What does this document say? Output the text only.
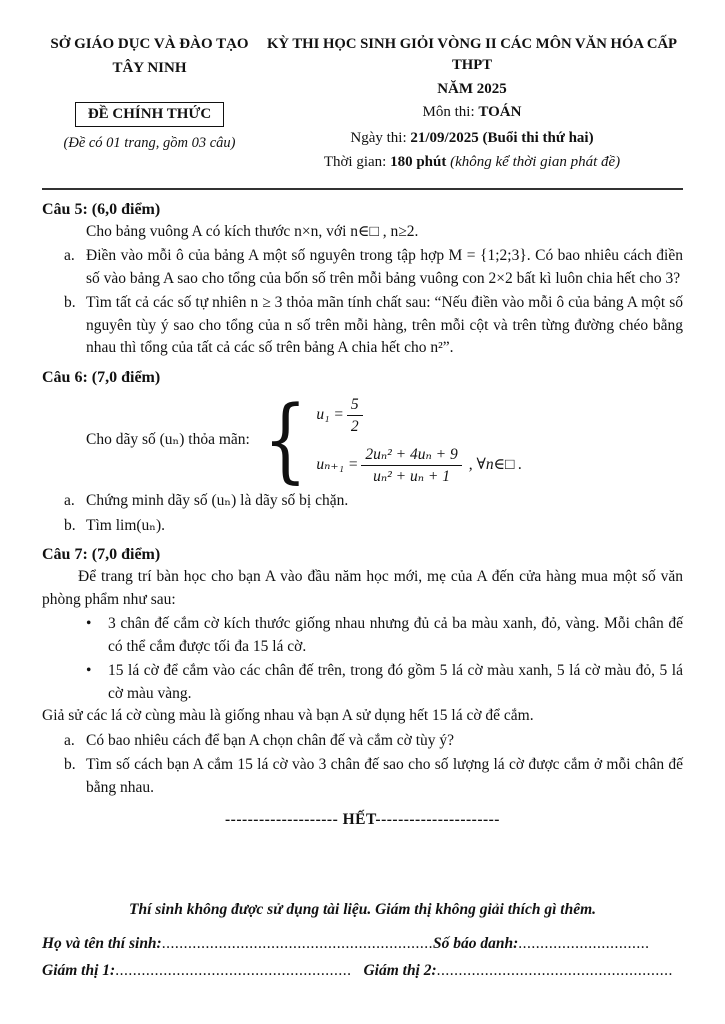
SỞ GIÁO DỤC VÀ ĐÀO TẠO
TÂY NINH
ĐỀ CHÍNH THỨC
(Đề có 01 trang, gồm 03 câu)
KỲ THI HỌC SINH GIỎI VÒNG II CÁC MÔN VĂN HÓA CẤP THPT
NĂM 2025
Môn thi: TOÁN
Ngày thi: 21/09/2025 (Buổi thi thứ hai)
Thời gian: 180 phút (không kể thời gian phát đề)
Câu 5: (6,0 điểm)
Cho bảng vuông A có kích thước n×n, với n∈□ , n≥2.
a. Điền vào mỗi ô của bảng A một số nguyên trong tập hợp M = {1;2;3}. Có bao nhiêu cách điền số vào bảng A sao cho tổng của bốn số trên mỗi bảng vuông con 2×2 bất kì luôn chia hết cho 3?
b. Tìm tất cả các số tự nhiên n ≥ 3 thỏa mãn tính chất sau: “Nếu điền vào mỗi ô của bảng A một số nguyên tùy ý sao cho tổng của n số trên mỗi hàng, trên mỗi cột và trên từng đường chéo bằng nhau thì tổng của tất cả các số trên bảng A chia hết cho n²”.
Câu 6: (7,0 điểm)
Cho dãy số (uₙ) thỏa mãn: { $u_1 = \frac{5}{2}$
$u_{n+1} = \frac{\text{2uₙ² + 4uₙ + 9}}{\text{uₙ² + uₙ + 1}}$ , ∀n∈□ .
a. Chứng minh dãy số (uₙ) là dãy số bị chặn.
b. Tìm lim(uₙ).
Câu 7: (7,0 điểm)
Để trang trí bàn học cho bạn A vào đầu năm học mới, mẹ của A đến cửa hàng mua một số văn phòng phẩm như sau:
•	3 chân đế cắm cờ kích thước giống nhau nhưng đủ cả ba màu xanh, đỏ, vàng. Mỗi chân đế có thể cắm được tối đa 15 lá cờ.
•	15 lá cờ để cắm vào các chân đế trên, trong đó gồm 5 lá cờ màu xanh, 5 lá cờ màu đỏ, 5 lá cờ màu vàng.
Giả sử các lá cờ cùng màu là giống nhau và bạn A sử dụng hết 15 lá cờ để cắm.
a. Có bao nhiêu cách để bạn A chọn chân đế và cắm cờ tùy ý?
b. Tìm số cách bạn A cắm 15 lá cờ vào 3 chân đế sao cho số lượng lá cờ được cắm ở mỗi chân đế bằng nhau.
-------------------- HẾT----------------------
Thí sinh không được sử dụng tài liệu. Giám thị không giải thích gì thêm.
Họ và tên thí sinh: .............................................................. Số báo danh: ..............................
Giám thị 1: ...................................................... Giám thị 2: ......................................................
